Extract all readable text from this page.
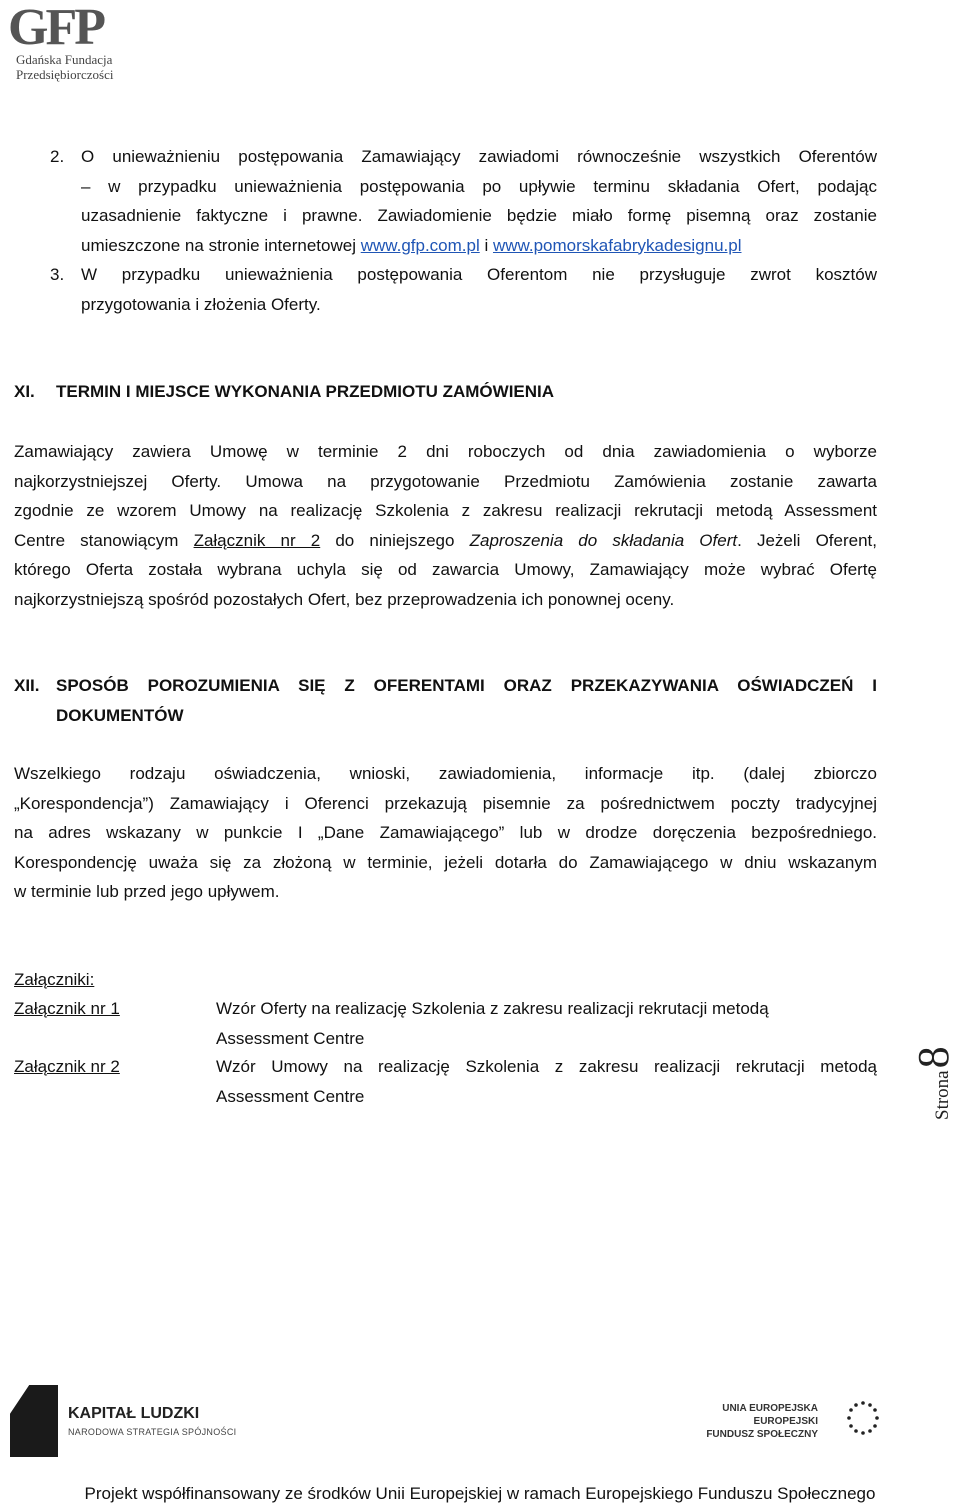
GFP
Gdańska Fundacja
Przedsiębiorczości
2. O unieważnieniu postępowania Zamawiający zawiadomi równocześnie wszystkich Oferentów
– w przypadku unieważnienia postępowania po upływie terminu składania Ofert, podając
uzasadnienie faktyczne i prawne. Zawiadomienie będzie miało formę pisemną oraz zostanie
umieszczone na stronie internetowej www.gfp.com.pl i www.pomorskafabrykadesignu.pl
3. W przypadku unieważnienia postępowania Oferentom nie przysługuje zwrot kosztów
przygotowania i złożenia Oferty.
XI. TERMIN I MIEJSCE WYKONANIA PRZEDMIOTU ZAMÓWIENIA
Zamawiający zawiera Umowę w terminie 2 dni roboczych od dnia zawiadomienia o wyborze
najkorzystniejszej Oferty. Umowa na przygotowanie Przedmiotu Zamówienia zostanie zawarta
zgodnie ze wzorem Umowy na realizację Szkolenia z zakresu realizacji rekrutacji metodą Assessment
Centre stanowiącym Załącznik nr 2 do niniejszego Zaproszenia do składania Ofert. Jeżeli Oferent,
którego Oferta została wybrana uchyla się od zawarcia Umowy, Zamawiający może wybrać Ofertę
najkorzystniejszą spośród pozostałych Ofert, bez przeprowadzenia ich ponownej oceny.
XII. SPOSÓB POROZUMIENIA SIĘ Z OFERENTAMI ORAZ PRZEKAZYWANIA OŚWIADCZEŃ I
DOKUMENTÓW
Wszelkiego rodzaju oświadczenia, wnioski, zawiadomienia, informacje itp. (dalej zbiorczo
„Korespondencja”) Zamawiający i Oferenci przekazują pisemnie za pośrednictwem poczty tradycyjnej
na adres wskazany w punkcie I „Dane Zamawiającego” lub w drodze doręczenia bezpośredniego.
Korespondencję uważa się za złożoną w terminie, jeżeli dotarła do Zamawiającego w dniu wskazanym
w terminie lub przed jego upływem.
Załączniki:
Załącznik nr 1	Wzór Oferty na realizację Szkolenia z zakresu realizacji rekrutacji metodą
Assessment Centre
Załącznik nr 2	Wzór Umowy na realizację Szkolenia z zakresu realizacji rekrutacji metodą
Assessment Centre	Strona8
KAPITAŁ LUDZKI
NARODOWA STRATEGIA SPÓJNOŚCI
UNIA EUROPEJSKA
EUROPEJSKI
FUNDUSZ SPOŁECZNY
Projekt współfinansowany ze środków Unii Europejskiej w ramach Europejskiego Funduszu Społecznego
